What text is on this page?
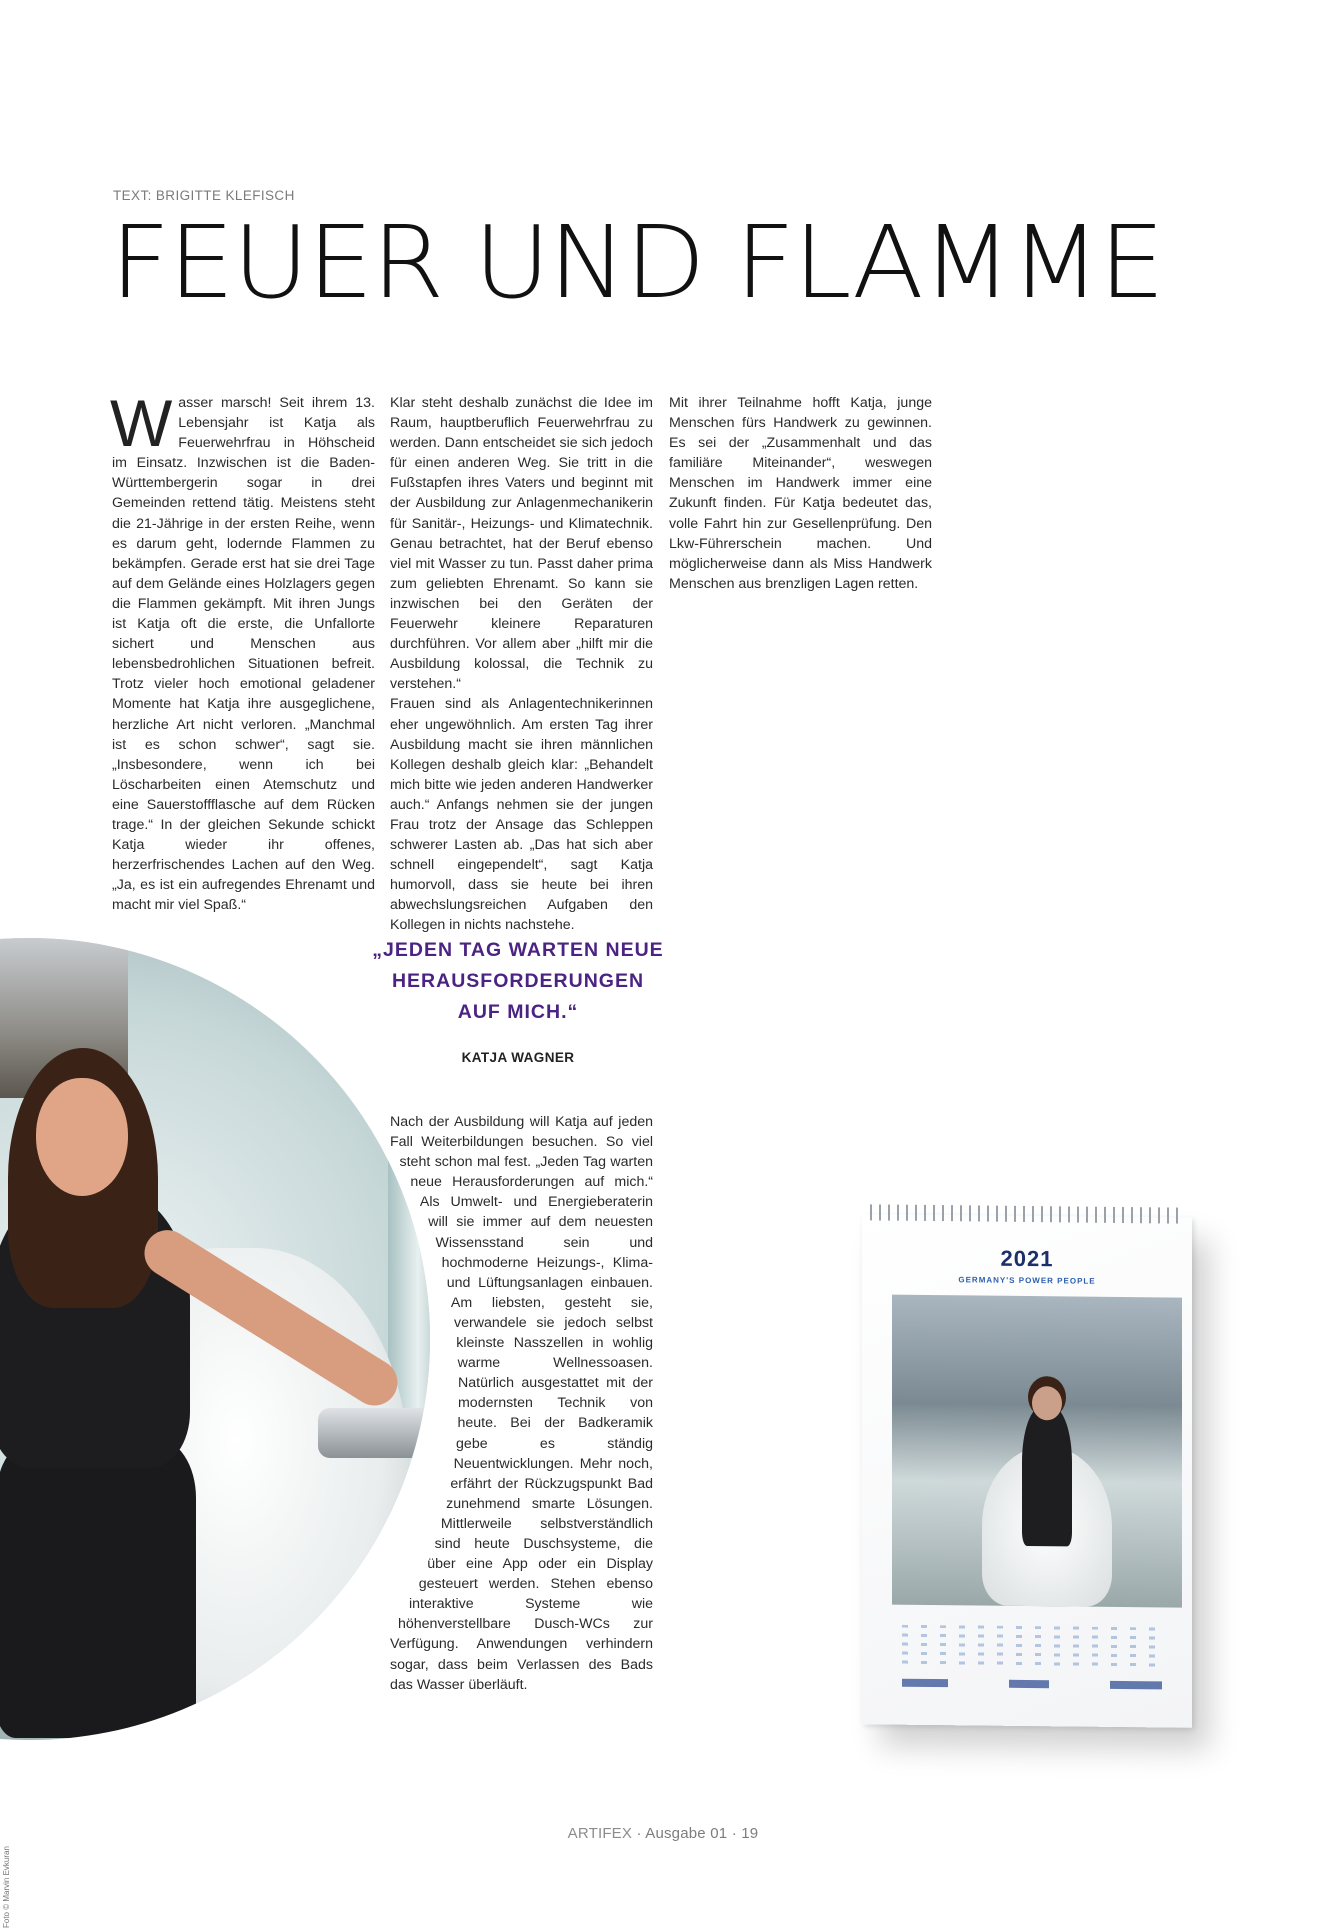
TEXT: BRIGITTE KLEFISCH
FEUER UND FLAMME

W asser marsch! Seit ihrem 13. Lebensjahr ist Katja als Feuerwehrfrau in Höhscheid im Einsatz. Inzwischen ist die Baden-Württembergerin sogar in drei Gemeinden rettend tätig. Meistens steht die 21-Jährige in der ersten Reihe, wenn es darum geht, lodernde Flammen zu bekämpfen. Gerade erst hat sie drei Tage auf dem Gelände eines Holzlagers gegen die Flammen gekämpft. Mit ihren Jungs ist Katja oft die erste, die Unfallorte sichert und Menschen aus lebensbedrohlichen Situationen befreit. Trotz vieler hoch emotional geladener Momente hat Katja ihre ausgeglichene, herzliche Art nicht verloren. „Manchmal ist es schon schwer“, sagt sie. „Insbesondere, wenn ich bei Löscharbeiten einen Atemschutz und eine Sauerstoffflasche auf dem Rücken trage.“ In der gleichen Sekunde schickt Katja wieder ihr offenes, herzerfrischendes Lachen auf den Weg. „Ja, es ist ein aufregendes Ehrenamt und macht mir viel Spaß.“

Klar steht deshalb zunächst die Idee im Raum, hauptberuflich Feuerwehrfrau zu werden. Dann entscheidet sie sich jedoch für einen anderen Weg. Sie tritt in die Fußstapfen ihres Vaters und beginnt mit der Ausbildung zur Anlagenmechanikerin für Sanitär-, Heizungs- und Klimatechnik. Genau betrachtet, hat der Beruf ebenso viel mit Wasser zu tun. Passt daher prima zum geliebten Ehrenamt. So kann sie inzwischen bei den Geräten der Feuerwehr kleinere Reparaturen durchführen. Vor allem aber „hilft mir die Ausbildung kolossal, die Technik zu verstehen.“

Frauen sind als Anlagentechnikerinnen eher ungewöhnlich. Am ersten Tag ihrer Ausbildung macht sie ihren männlichen Kollegen deshalb gleich klar: „Behandelt mich bitte wie jeden anderen Handwerker auch.“ Anfangs nehmen sie der jungen Frau trotz der Ansage das Schleppen schwerer Lasten ab. „Das hat sich aber schnell eingependelt“, sagt Katja humorvoll, dass sie heute bei ihren abwechslungsreichen Aufgaben den Kollegen in nichts nachstehe.

Mit ihrer Teilnahme hofft Katja, junge Menschen fürs Handwerk zu gewinnen. Es sei der „Zusammenhalt und das familiäre Miteinander“, weswegen Menschen im Handwerk immer eine Zukunft finden. Für Katja bedeutet das, volle Fahrt hin zur Gesellenprüfung. Den Lkw-Führerschein machen. Und möglicherweise dann als Miss Handwerk Menschen aus brenzligen Lagen retten.

„JEDEN TAG WARTEN NEUE HERAUSFORDERUNGEN AUF MICH.“
KATJA WAGNER

Nach der Ausbildung will Katja auf jeden Fall Weiterbildungen besuchen. So viel steht schon mal fest. „Jeden Tag warten neue Herausforderungen auf mich.“ Als Umwelt- und Energieberaterin will sie immer auf dem neuesten Wissensstand sein und hochmoderne Heizungs-, Klima- und Lüftungsanlagen einbauen. Am liebsten, gesteht sie, verwandele sie jedoch selbst kleinste Nasszellen in wohlig warme Wellnessoasen. Natürlich ausgestattet mit der modernsten Technik von heute. Bei der Badkeramik gebe es ständig Neuentwicklungen. Mehr noch, erfährt der Rückzugspunkt Bad zunehmend smarte Lösungen. Mittlerweile selbstverständlich sind heute Duschsysteme, die über eine App oder ein Display gesteuert werden. Stehen ebenso interaktive Systeme wie höhenverstellbare Dusch-WCs zur Verfügung. Anwendungen verhindern sogar, dass beim Verlassen des Bads das Wasser überläuft.

2021
GERMANY'S POWER PEOPLE
ARTIFEX · Ausgabe 01 · 19
Foto © Marvin Evkuran
